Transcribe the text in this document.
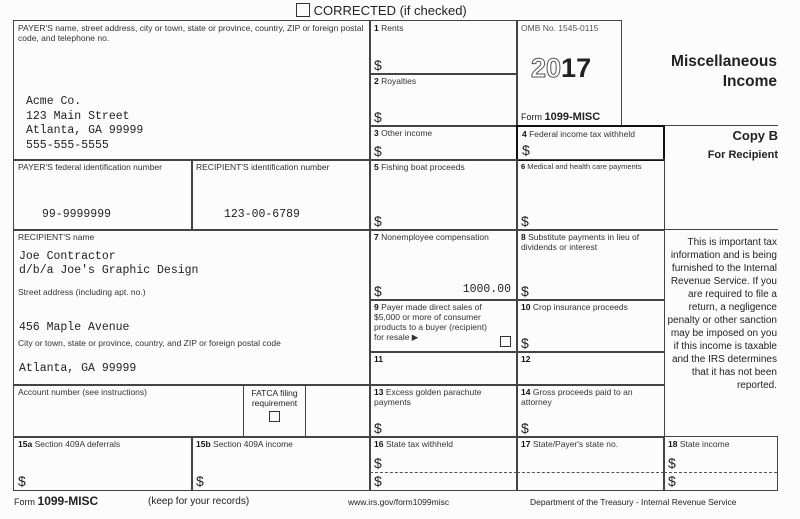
CORRECTED (if checked)
PAYER'S name, street address, city or town, state or province, country, ZIP or foreign postal code, and telephone no.
Acme Co.
123 Main Street
Atlanta, GA 99999
555-555-5555
PAYER'S federal identification number
99-9999999
RECIPIENT'S identification number
123-00-6789
RECIPIENT'S name
Joe Contractor
d/b/a Joe's Graphic Design
Street address (including apt. no.)
456 Maple Avenue
City or town, state or province, country, and ZIP or foreign postal code
Atlanta, GA 99999
Account number (see instructions)	FATCA filing requirement
15a Section 409A deferrals
$
15b Section 409A income
$
1 Rents
$
2 Royalties
$
3 Other income
$
OMB No. 1545-0115
2017
Form 1099-MISC
Miscellaneous
Income
4 Federal income tax withheld
$
Copy B
For Recipient
5 Fishing boat proceeds
$
6 Medical and health care payments
$
7 Nonemployee compensation
$	1000.00
8 Substitute payments in lieu of dividends or interest
$
9 Payer made direct sales of $5,000 or more of consumer products to a buyer (recipient) for resale ▶
10 Crop insurance proceeds
$
11	12
13 Excess golden parachute payments
$
14 Gross proceeds paid to an attorney
$
This is important tax information and is being furnished to the Internal Revenue Service. If you are required to file a return, a negligence penalty or other sanction may be imposed on you if this income is taxable and the IRS determines that it has not been reported.
16 State tax withheld
$
$
17 State/Payer's state no.	18 State income
$
$
Form 1099-MISC	(keep for your records)	www.irs.gov/form1099misc	Department of the Treasury - Internal Revenue Service
